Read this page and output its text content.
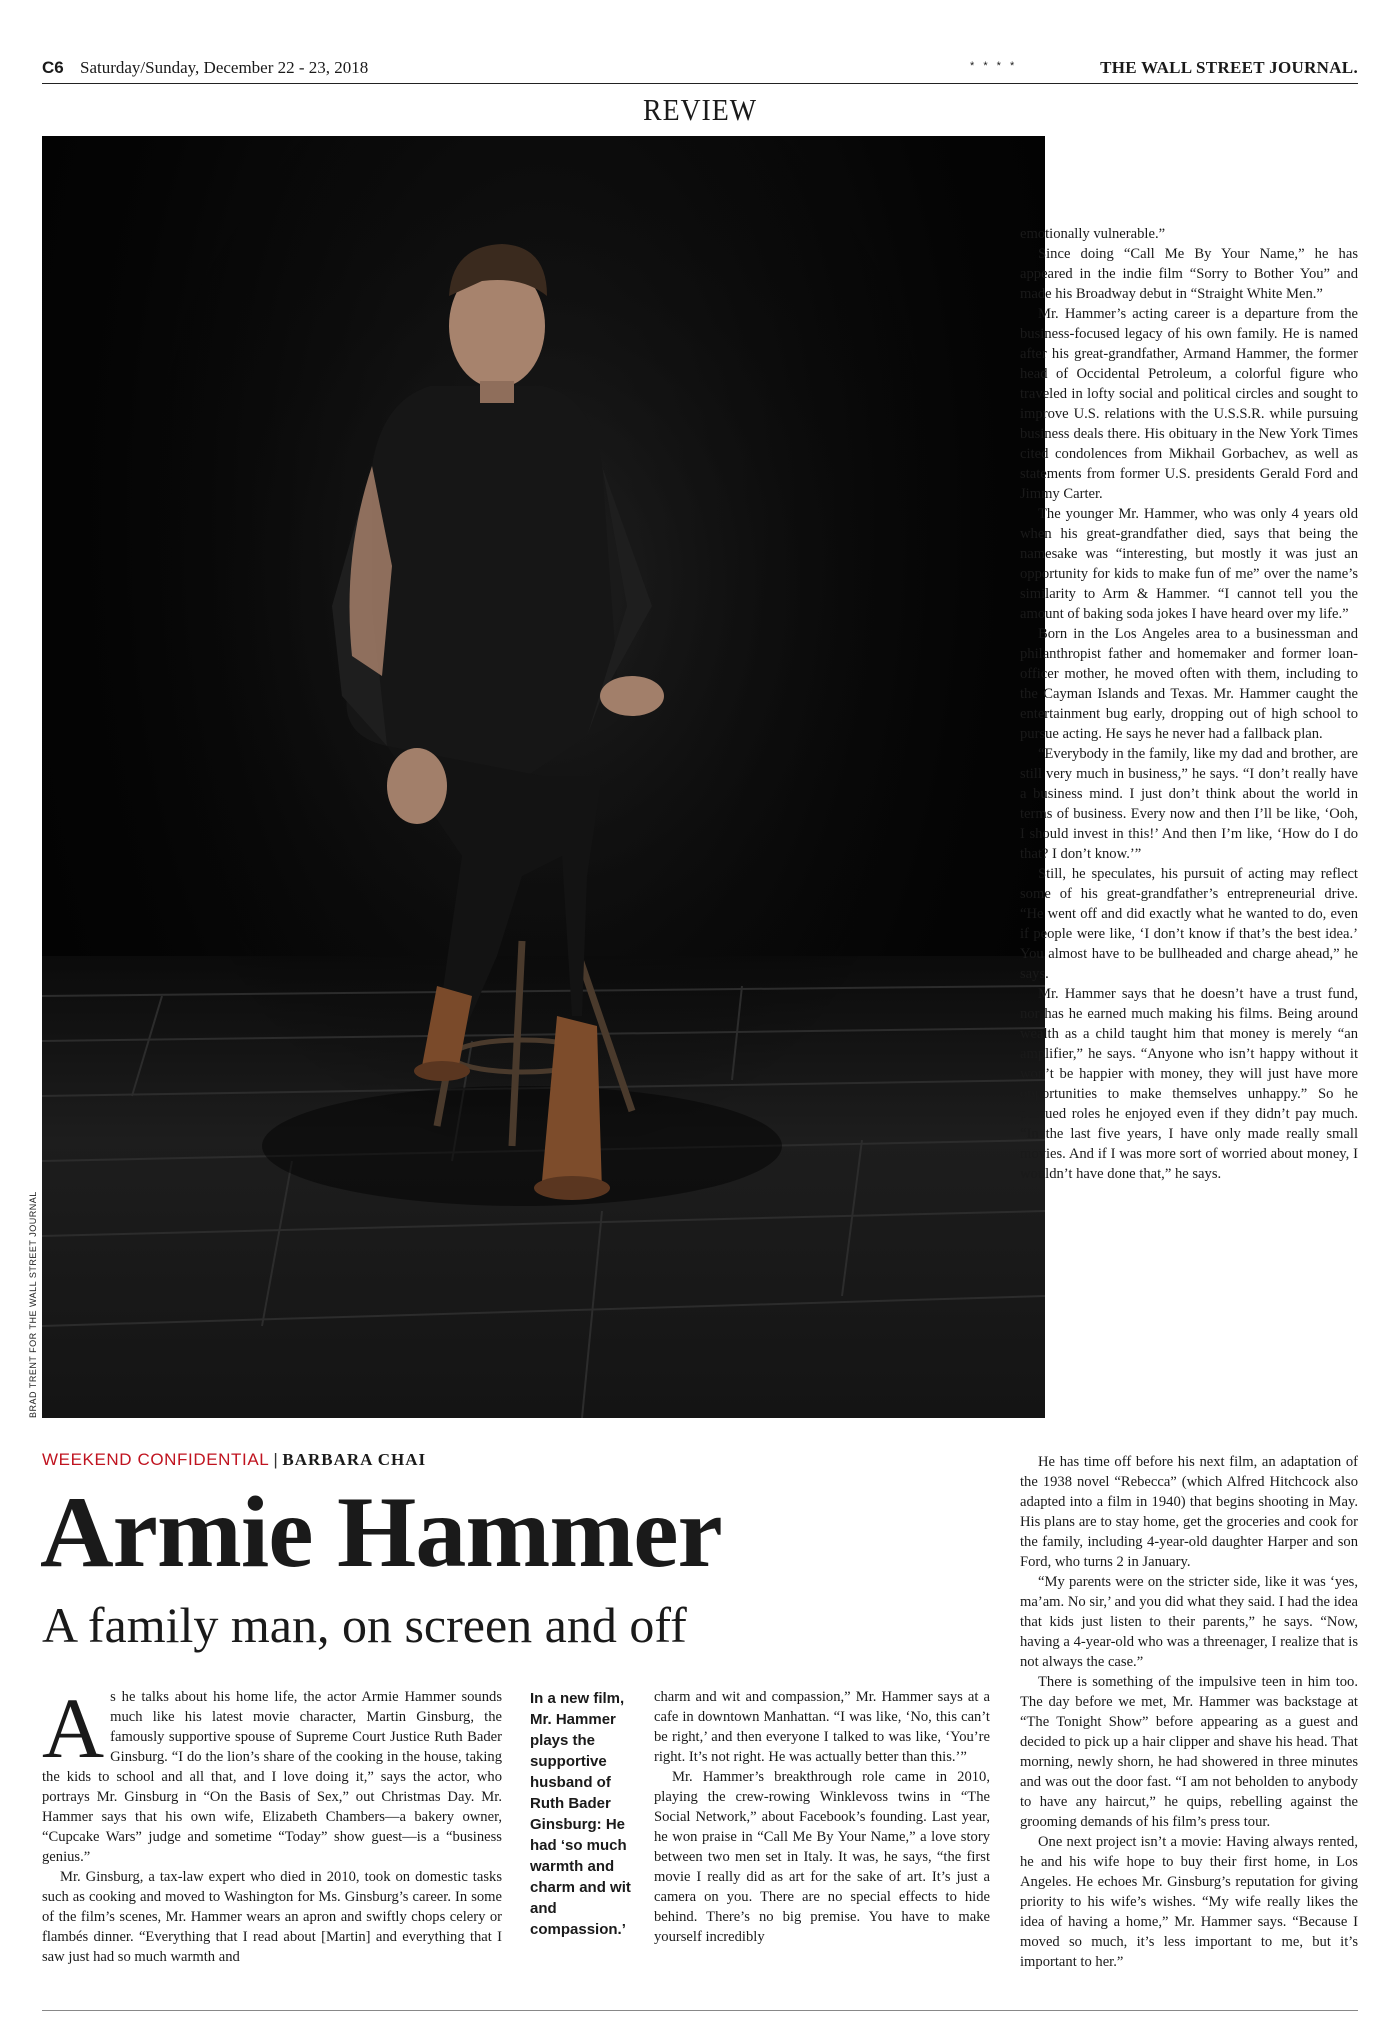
C6 Saturday/Sunday, December 22 - 23, 2018	* * * *	THE WALL STREET JOURNAL.
REVIEW
BRAD TRENT FOR THE WALL STREET JOURNAL
WEEKEND CONFIDENTIAL | BARBARA CHAI
Armie Hammer
A family man, on screen and off

As he talks about his home life, the actor Armie Hammer sounds much like his latest movie character, Martin Ginsburg, the famously supportive spouse of Supreme Court Justice Ruth Bader Ginsburg. “I do the lion’s share of the cooking in the house, taking the kids to school and all that, and I love doing it,” says the actor, who portrays Mr. Ginsburg in “On the Basis of Sex,” out Christmas Day. Mr. Hammer says that his own wife, Elizabeth Chambers—a bakery owner, “Cupcake Wars” judge and sometime “Today” show guest—is a “business genius.”

Mr. Ginsburg, a tax-law expert who died in 2010, took on domestic tasks such as cooking and moved to Washington for Ms. Ginsburg’s career. In some of the film’s scenes, Mr. Hammer wears an apron and swiftly chops celery or flambés dinner. “Everything that I read about [Martin] and everything that I saw just had so much warmth and

In a new film, Mr. Hammer plays the supportive husband of Ruth Bader Ginsburg: He had ‘so much warmth and charm and wit and compassion.’

charm and wit and compassion,” Mr. Hammer says at a cafe in downtown Manhattan. “I was like, ‘No, this can’t be right,’ and then everyone I talked to was like, ‘You’re right. It’s not right. He was actually better than this.’”

Mr. Hammer’s breakthrough role came in 2010, playing the crew-rowing Winklevoss twins in “The Social Network,” about Facebook’s founding. Last year, he won praise in “Call Me By Your Name,” a love story between two men set in Italy. It was, he says, “the first movie I really did as art for the sake of art. It’s just a camera on you. There are no special effects to hide behind. There’s no big premise. You have to make yourself incredibly

emotionally vulnerable.”

Since doing “Call Me By Your Name,” he has appeared in the indie film “Sorry to Bother You” and made his Broadway debut in “Straight White Men.”

Mr. Hammer’s acting career is a departure from the business-focused legacy of his own family. He is named after his great-grandfather, Armand Hammer, the former head of Occidental Petroleum, a colorful figure who traveled in lofty social and political circles and sought to improve U.S. relations with the U.S.S.R. while pursuing business deals there. His obituary in the New York Times cited condolences from Mikhail Gorbachev, as well as statements from former U.S. presidents Gerald Ford and Jimmy Carter.

The younger Mr. Hammer, who was only 4 years old when his great-grandfather died, says that being the namesake was “interesting, but mostly it was just an opportunity for kids to make fun of me” over the name’s similarity to Arm & Hammer. “I cannot tell you the amount of baking soda jokes I have heard over my life.”

Born in the Los Angeles area to a businessman and philanthropist father and homemaker and former loan-officer mother, he moved often with them, including to the Cayman Islands and Texas. Mr. Hammer caught the entertainment bug early, dropping out of high school to pursue acting. He says he never had a fallback plan.

“Everybody in the family, like my dad and brother, are still very much in business,” he says. “I don’t really have a business mind. I just don’t think about the world in terms of business. Every now and then I’ll be like, ‘Ooh, I should invest in this!’ And then I’m like, ‘How do I do that? I don’t know.’”

Still, he speculates, his pursuit of acting may reflect some of his great-grandfather’s entrepreneurial drive. “He went off and did exactly what he wanted to do, even if people were like, ‘I don’t know if that’s the best idea.’ You almost have to be bullheaded and charge ahead,” he says.

Mr. Hammer says that he doesn’t have a trust fund, nor has he earned much making his films. Being around wealth as a child taught him that money is merely “an amplifier,” he says. “Anyone who isn’t happy without it won’t be happier with money, they will just have more opportunities to make themselves unhappy.” So he pursued roles he enjoyed even if they didn’t pay much. “In the last five years, I have only made really small movies. And if I was more sort of worried about money, I wouldn’t have done that,” he says.

He has time off before his next film, an adaptation of the 1938 novel “Rebecca” (which Alfred Hitchcock also adapted into a film in 1940) that begins shooting in May. His plans are to stay home, get the groceries and cook for the family, including 4-year-old daughter Harper and son Ford, who turns 2 in January.

“My parents were on the stricter side, like it was ‘yes, ma’am. No sir,’ and you did what they said. I had the idea that kids just listen to their parents,” he says. “Now, having a 4-year-old who was a threenager, I realize that is not always the case.”

There is something of the impulsive teen in him too. The day before we met, Mr. Hammer was backstage at “The Tonight Show” before appearing as a guest and decided to pick up a hair clipper and shave his head. That morning, newly shorn, he had showered in three minutes and was out the door fast. “I am not beholden to anybody to have any haircut,” he quips, rebelling against the grooming demands of his film’s press tour.

One next project isn’t a movie: Having always rented, he and his wife hope to buy their first home, in Los Angeles. He echoes Mr. Ginsburg’s reputation for giving priority to his wife’s wishes. “My wife really likes the idea of having a home,” Mr. Hammer says. “Because I moved so much, it’s less important to me, but it’s important to her.”
